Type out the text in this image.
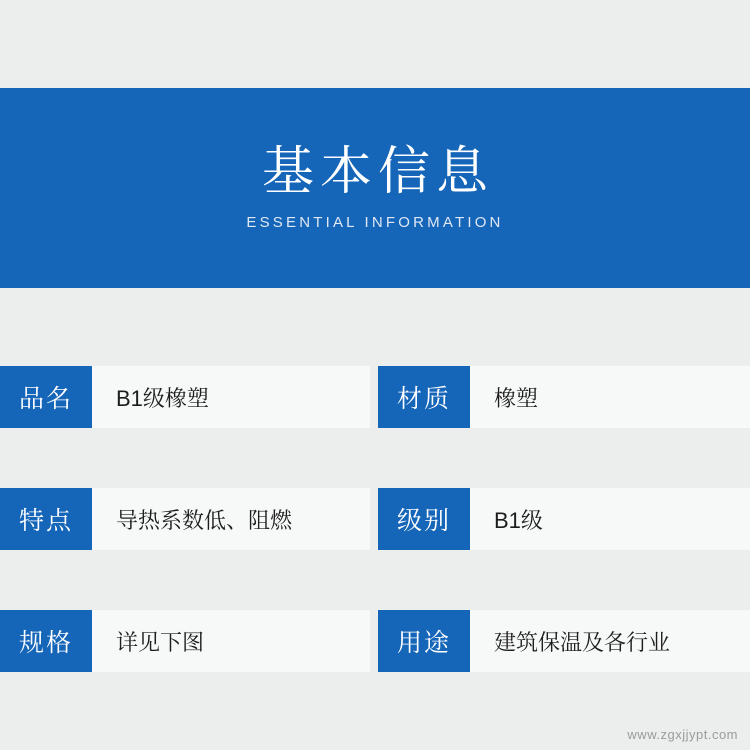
基本信息
ESSENTIAL INFORMATION
品名	B1级橡塑	材质	橡塑
特点	导热系数低、阻燃	级别	B1级
规格	详见下图	用途	建筑保温及各行业
www.zgxjjypt.com
